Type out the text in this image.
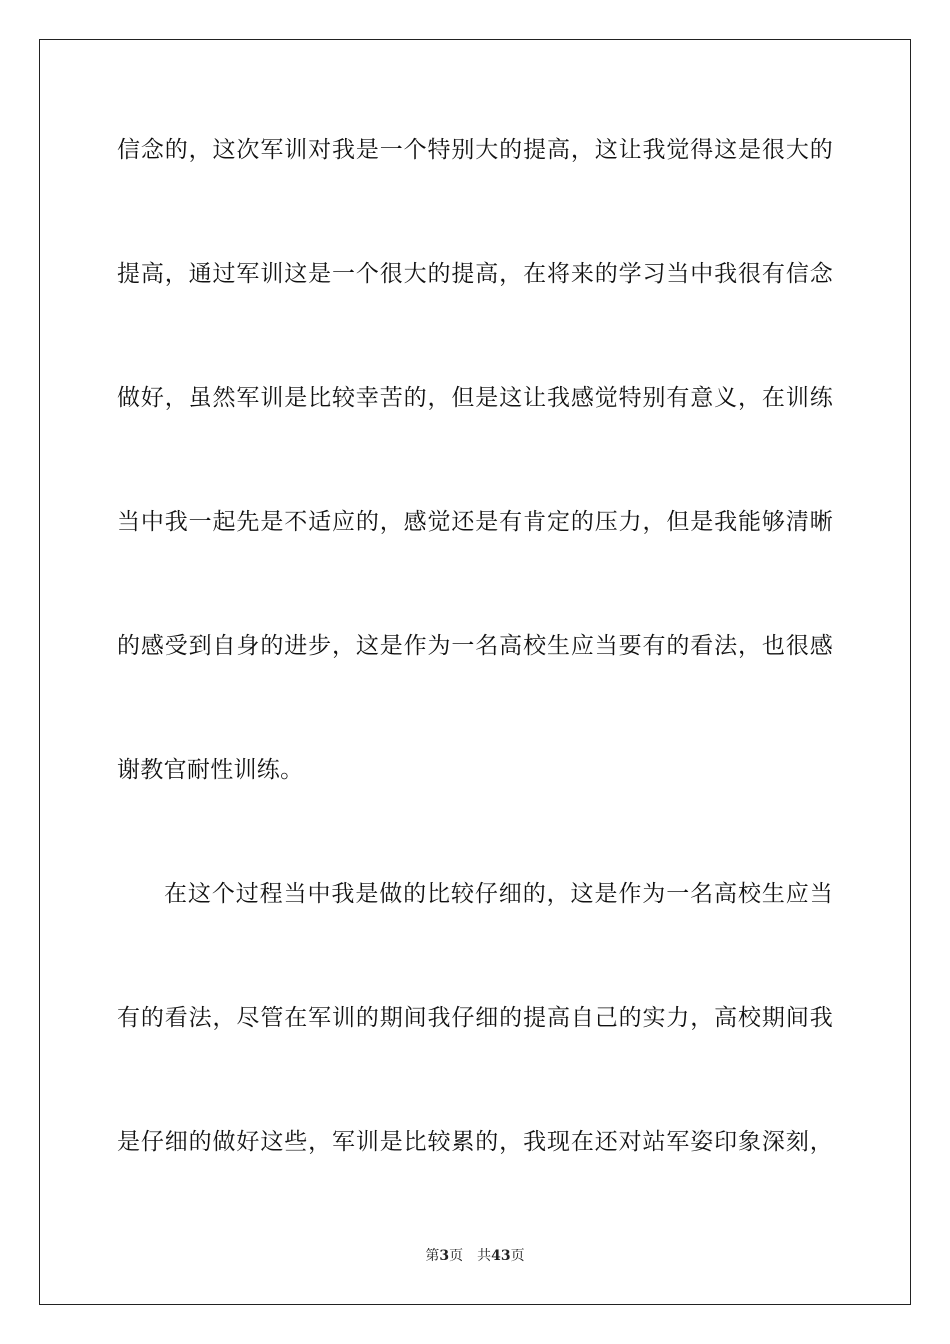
信念的，这次军训对我是一个特别大的提高，这让我觉得这是很大的
提高，通过军训这是一个很大的提高，在将来的学习当中我很有信念
做好，虽然军训是比较幸苦的，但是这让我感觉特别有意义，在训练
当中我一起先是不适应的，感觉还是有肯定的压力，但是我能够清晰
的感受到自身的进步，这是作为一名高校生应当要有的看法，也很感
谢教官耐性训练。
在这个过程当中我是做的比较仔细的，这是作为一名高校生应当
有的看法，尽管在军训的期间我仔细的提高自己的实力，高校期间我
是仔细的做好这些，军训是比较累的，我现在还对站军姿印象深刻，
第3页 共43页
